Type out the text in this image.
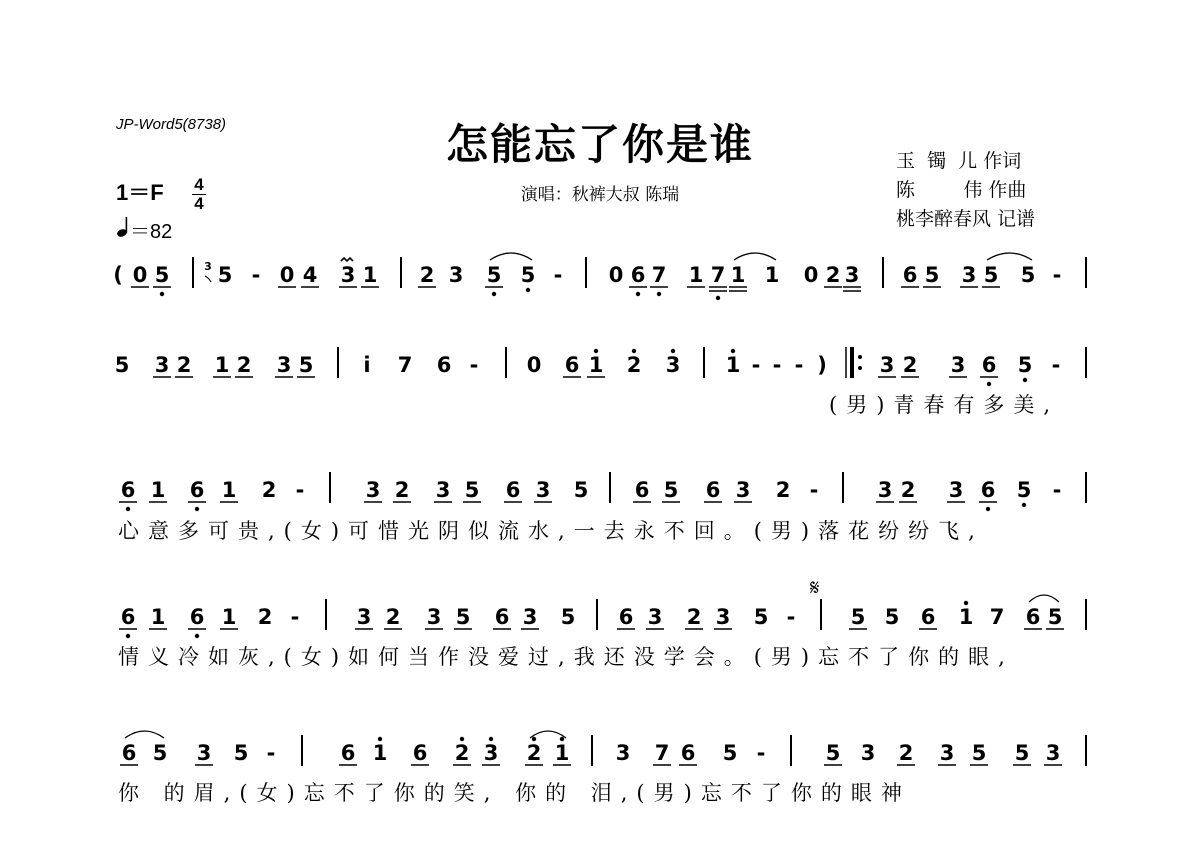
JP-Word5(8738)	怎能忘了你是谁
演唱：秋裤大叔 陈瑞
玉  镯  儿 作词
陈        伟 作曲
桃李醉春风 记谱
1＝F	4
4
＝82
𝄋
( 0 5	3 5 - 0 4 3 1 2 3 5 5 - 0 6 7 1 7 1 1 0 2 3 6 5 3 5 5 -
5 3 2 1 2 3 5 i 7 6 - 0 6 1 2 3 1 - - - )	3 2 3 6 5 -
(男)青春有多美,
6 1 6 1 2 -	3 2 3 5 6 3 5 6 5 6 3 2 -	3 2 3 6 5 -
心意多可贵,(女)可惜光阴似流水,一去永不回。(男)落花纷纷飞,
6 1 6 1 2 -	3 2 3 5 6 3 5 6 3 2 3 5 -	5 5 6 1 7 6 5
情义冷如灰,(女)如何当作没爱过,我还没学会。(男)忘不了你的眼,
6 5 3 5 -	6 1 6 2 3 2 1 3 7 6 5 -	5 3 2 3 5 5 3
你 的眉,(女)忘不了你的笑, 你的 泪,(男)忘不了你的眼神
